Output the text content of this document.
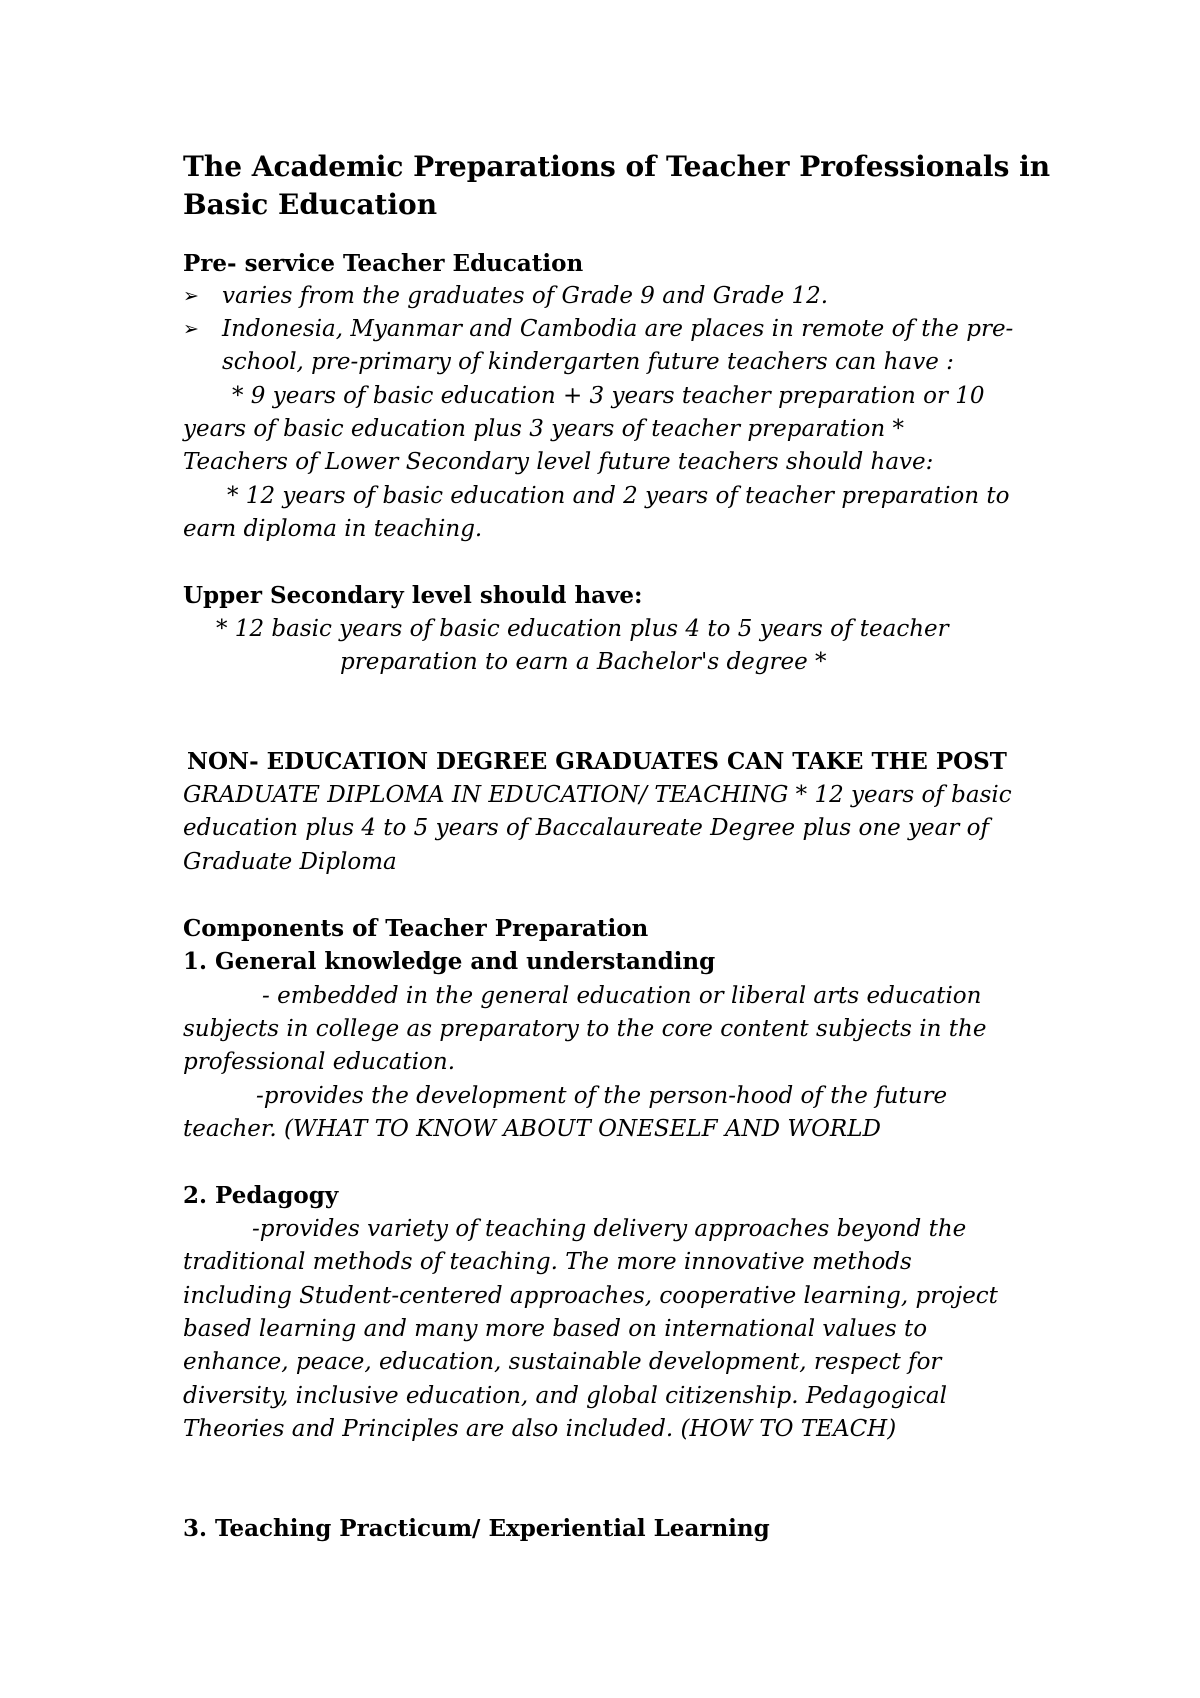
The Academic Preparations of Teacher Professionals in
Basic Education
Pre- service Teacher Education
➢ varies from the graduates of Grade 9 and Grade 12.
➢ Indonesia, Myanmar and Cambodia are places in remote of the pre-
school, pre-primary of kindergarten future teachers can have :
* 9 years of basic education + 3 years teacher preparation or 10
years of basic education plus 3 years of teacher preparation *
Teachers of Lower Secondary level future teachers should have:
* 12 years of basic education and 2 years of teacher preparation to
earn diploma in teaching.
Upper Secondary level should have:
* 12 basic years of basic education plus 4 to 5 years of teacher
preparation to earn a Bachelor's degree *
NON- EDUCATION DEGREE GRADUATES CAN TAKE THE POST
GRADUATE DIPLOMA IN EDUCATION/ TEACHING * 12 years of basic
education plus 4 to 5 years of Baccalaureate Degree plus one year of
Graduate Diploma
Components of Teacher Preparation
1. General knowledge and understanding
- embedded in the general education or liberal arts education
subjects in college as preparatory to the core content subjects in the
professional education.
-provides the development of the person-hood of the future
teacher. (WHAT TO KNOW ABOUT ONESELF AND WORLD
2. Pedagogy
-provides variety of teaching delivery approaches beyond the
traditional methods of teaching. The more innovative methods
including Student-centered approaches, cooperative learning, project
based learning and many more based on international values to
enhance, peace, education, sustainable development, respect for
diversity, inclusive education, and global citizenship. Pedagogical
Theories and Principles are also included. (HOW TO TEACH)
3. Teaching Practicum/ Experiential Learning
